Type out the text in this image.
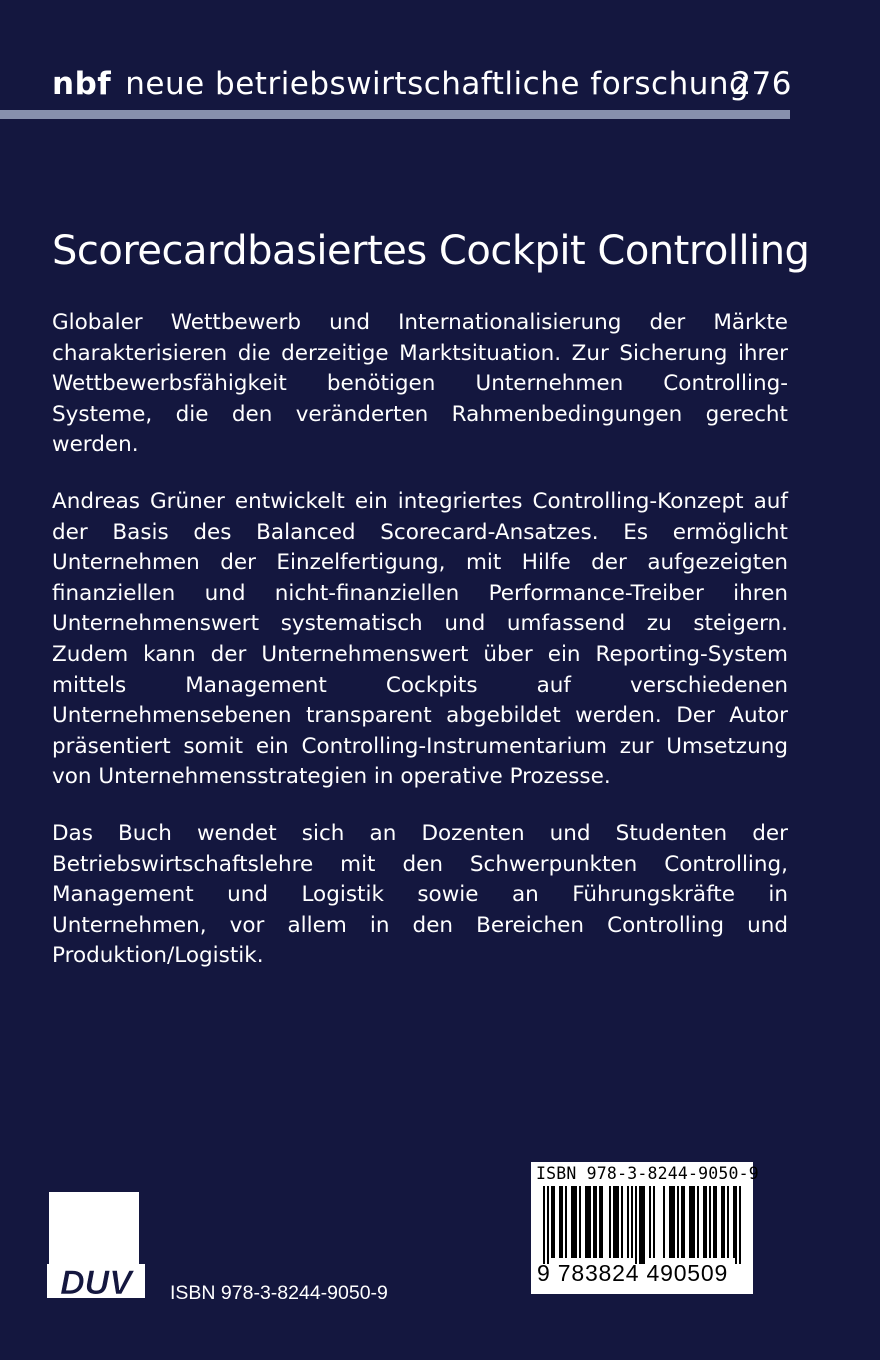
nbf neue betriebswirtschaftliche forschung
276
Scorecardbasiertes Cockpit Controlling

Globaler Wettbewerb und Internationalisierung der Märkte charakterisieren die derzeitige Marktsituation. Zur Sicherung ihrer Wettbewerbsfähigkeit benötigen Unternehmen Controlling-Systeme, die den veränderten Rahmenbedingungen gerecht werden.

Andreas Grüner entwickelt ein integriertes Controlling-Konzept auf der Basis des Balanced Scorecard-Ansatzes. Es ermöglicht Unternehmen der Einzelfertigung, mit Hilfe der aufgezeigten finanziellen und nicht-finanziellen Performance-Treiber ihren Unternehmenswert systematisch und umfassend zu steigern. Zudem kann der Unternehmenswert über ein Reporting-System mittels Management Cockpits auf verschiedenen Unternehmensebenen transparent abgebildet werden. Der Autor präsentiert somit ein Controlling-Instrumentarium zur Umsetzung von Unternehmensstrategien in operative Prozesse.

Das Buch wendet sich an Dozenten und Studenten der Betriebswirtschaftslehre mit den Schwerpunkten Controlling, Management und Logistik sowie an Führungskräfte in Unternehmen, vor allem in den Bereichen Controlling und Produktion/Logistik.

ISBN 978-3-8244-9050-9
9 783824 490509
DUV ISBN 978-3-8244-9050-9
